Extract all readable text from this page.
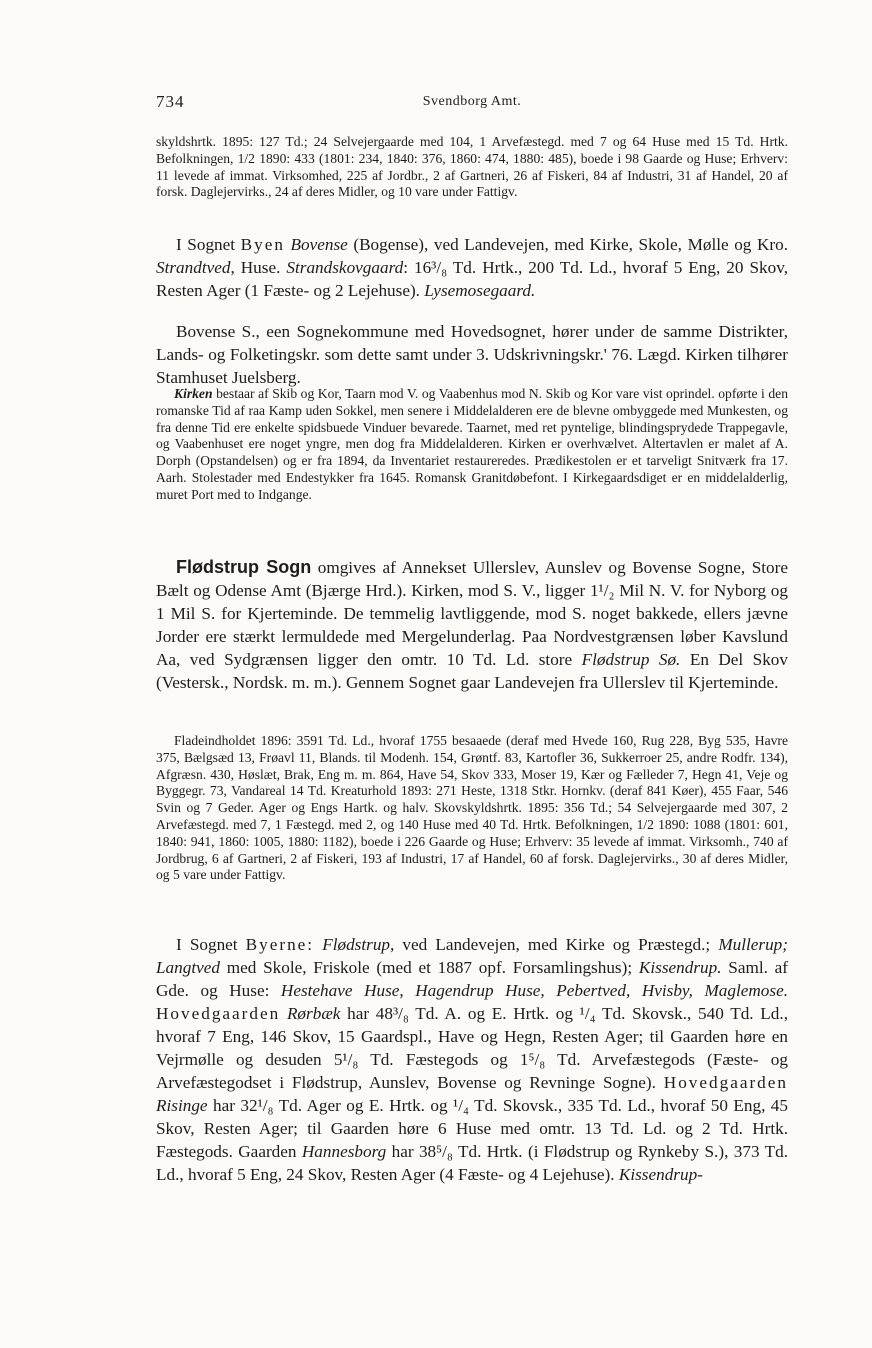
734	Svendborg Amt.

skyldshrtk. 1895: 127 Td.; 24 Selvejergaarde med 104, 1 Arvefæstegd. med 7 og 64 Huse med 15 Td. Hrtk. Befolkningen, 1/2 1890: 433 (1801: 234, 1840: 376, 1860: 474, 1880: 485), boede i 98 Gaarde og Huse; Erhverv: 11 levede af immat. Virksomhed, 225 af Jordbr., 2 af Gartneri, 26 af Fiskeri, 84 af Industri, 31 af Handel, 20 af forsk. Daglejervirks., 24 af deres Midler, og 10 vare under Fattigv.

I Sognet Byen Bovense (Bogense), ved Landevejen, med Kirke, Skole, Mølle og Kro. Strandtved, Huse. Strandskovgaard: 16³/₈ Td. Hrtk., 200 Td. Ld., hvoraf 5 Eng, 20 Skov, Resten Ager (1 Fæste- og 2 Lejehuse). Lysemosegaard.

Bovense S., een Sognekommune med Hovedsognet, hører under de samme Distrikter, Lands- og Folketingskr. som dette samt under 3. Udskrivningskr.' 76. Lægd. Kirken tilhører Stamhuset Juelsberg.

Kirken bestaar af Skib og Kor, Taarn mod V. og Vaabenhus mod N. Skib og Kor vare vist oprindel. opførte i den romanske Tid af raa Kamp uden Sokkel, men senere i Middelalderen ere de blevne ombyggede med Munkesten, og fra denne Tid ere enkelte spidsbuede Vinduer bevarede. Taarnet, med ret pyntelige, blindingsprydede Trappegavle, og Vaabenhuset ere noget yngre, men dog fra Middelalderen. Kirken er overhvælvet. Altertavlen er malet af A. Dorph (Opstandelsen) og er fra 1894, da Inventariet restaureredes. Prædikestolen er et tarveligt Snitværk fra 17. Aarh. Stolestader med Endestykker fra 1645. Romansk Granitdøbefont. I Kirkegaardsdiget er en middelalderlig, muret Port med to Indgange.

Flødstrup Sogn omgives af Annekset Ullerslev, Aunslev og Bovense Sogne, Store Bælt og Odense Amt (Bjærge Hrd.). Kirken, mod S. V., ligger 1¹/₂ Mil N. V. for Nyborg og 1 Mil S. for Kjerteminde. De temmelig lavtliggende, mod S. noget bakkede, ellers jævne Jorder ere stærkt lermuldede med Mergelunderlag. Paa Nordvestgrænsen løber Kavslund Aa, ved Sydgrænsen ligger den omtr. 10 Td. Ld. store Flødstrup Sø. En Del Skov (Vestersk., Nordsk. m. m.). Gennem Sognet gaar Landevejen fra Ullerslev til Kjerteminde.

Fladeindholdet 1896: 3591 Td. Ld., hvoraf 1755 besaaede (deraf med Hvede 160, Rug 228, Byg 535, Havre 375, Bælgsæd 13, Frøavl 11, Blands. til Modenh. 154, Grøntf. 83, Kartofler 36, Sukkerroer 25, andre Rodfr. 134), Afgræsn. 430, Høslæt, Brak, Eng m. m. 864, Have 54, Skov 333, Moser 19, Kær og Fælleder 7, Hegn 41, Veje og Byggegr. 73, Vandareal 14 Td. Kreaturhold 1893: 271 Heste, 1318 Stkr. Hornkv. (deraf 841 Køer), 455 Faar, 546 Svin og 7 Geder. Ager og Engs Hartk. og halv. Skovskyldshrtk. 1895: 356 Td.; 54 Selvejergaarde med 307, 2 Arvefæstegd. med 7, 1 Fæstegd. med 2, og 140 Huse med 40 Td. Hrtk. Befolkningen, 1/2 1890: 1088 (1801: 601, 1840: 941, 1860: 1005, 1880: 1182), boede i 226 Gaarde og Huse; Erhverv: 35 levede af immat. Virksomh., 740 af Jordbrug, 6 af Gartneri, 2 af Fiskeri, 193 af Industri, 17 af Handel, 60 af forsk. Daglejervirks., 30 af deres Midler, og 5 vare under Fattigv.

I Sognet Byerne: Flødstrup, ved Landevejen, med Kirke og Præstegd.; Mullerup; Langtved med Skole, Friskole (med et 1887 opf. Forsamlingshus); Kissendrup. Saml. af Gde. og Huse: Hestehave Huse, Hagendrup Huse, Pebertved, Hvisby, Maglemose. Hovedgaarden Rørbæk har 48³/₈ Td. A. og E. Hrtk. og ¹/₄ Td. Skovsk., 540 Td. Ld., hvoraf 7 Eng, 146 Skov, 15 Gaardspl., Have og Hegn, Resten Ager; til Gaarden høre en Vejrmølle og desuden 5¹/₈ Td. Fæstegods og 1⁵/₈ Td. Arvefæstegods (Fæste- og Arvefæstegodset i Flødstrup, Aunslev, Bovense og Revninge Sogne). Hovedgaarden Risinge har 32¹/₈ Td. Ager og E. Hrtk. og ¹/₄ Td. Skovsk., 335 Td. Ld., hvoraf 50 Eng, 45 Skov, Resten Ager; til Gaarden høre 6 Huse med omtr. 13 Td. Ld. og 2 Td. Hrtk. Fæstegods. Gaarden Hannesborg har 38⁵/₈ Td. Hrtk. (i Flødstrup og Rynkeby S.), 373 Td. Ld., hvoraf 5 Eng, 24 Skov, Resten Ager (4 Fæste- og 4 Lejehuse). Kissendrup-
